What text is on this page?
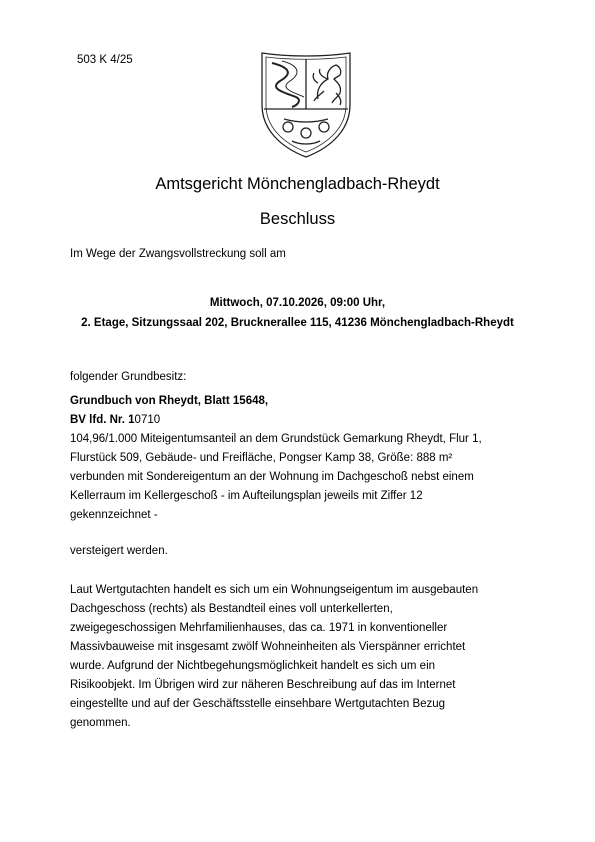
503 K 4/25
Amtsgericht Mönchengladbach-Rheydt
Beschluss
Im Wege der Zwangsvollstreckung soll am
Mittwoch, 07.10.2026, 09:00 Uhr,
2. Etage, Sitzungssaal 202, Brucknerallee 115, 41236 Mönchengladbach-Rheydt
folgender Grundbesitz:
Grundbuch von Rheydt, Blatt 15648,
BV lfd. Nr. 10710
104,96/1.000 Miteigentumsanteil an dem Grundstück Gemarkung Rheydt, Flur 1,
Flurstück 509, Gebäude- und Freifläche, Pongser Kamp 38, Größe: 888 m²
verbunden mit Sondereigentum an der Wohnung im Dachgeschoß nebst einem
Kellerraum im Kellergeschoß - im Aufteilungsplan jeweils mit Ziffer 12
gekennzeichnet -
versteigert werden.
Laut Wertgutachten handelt es sich um ein Wohnungseigentum im ausgebauten
Dachgeschoss (rechts) als Bestandteil eines voll unterkellerten,
zweigegeschossigen Mehrfamilienhauses, das ca. 1971 in konventioneller
Massivbauweise mit insgesamt zwölf Wohneinheiten als Vierspänner errichtet
wurde. Aufgrund der Nichtbegehungsmöglichkeit handelt es sich um ein
Risikoobjekt. Im Übrigen wird zur näheren Beschreibung auf das im Internet
eingestellte und auf der Geschäftsstelle einsehbare Wertgutachten Bezug
genommen.
